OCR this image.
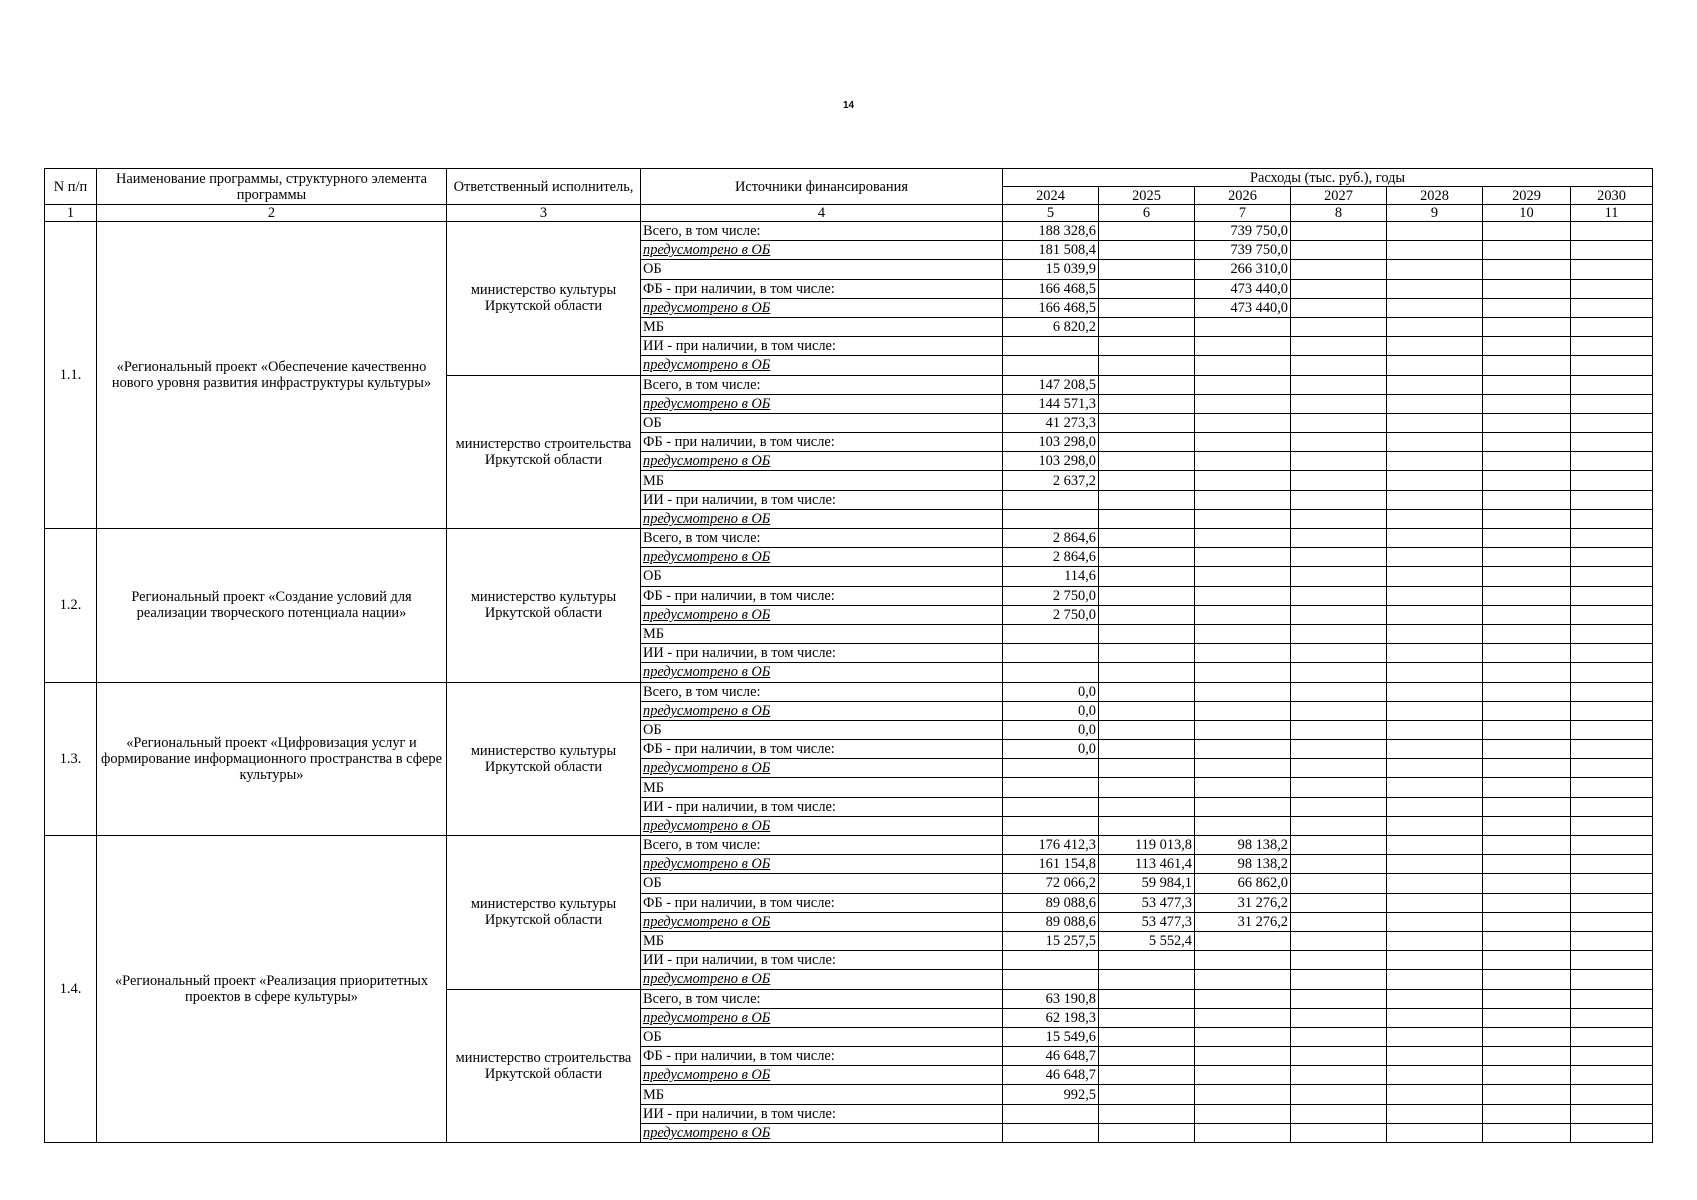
14
N п/п	Наименование программы, структурного элемента программы	Ответственный исполнитель,	Источники финансирования	Расходы (тыс. руб.), годы						
				2024	2025	2026	2027	2028	2029	2030
1	2	3	4	5	6	7	8	9	10	11
1.1.	«Региональный проект «Обеспечение качественно нового уровня развития инфраструктуры культуры»	министерство культуры Иркутской области	Всего, в том числе:	188 328,6		739 750,0				
			предусмотрено в ОБ	181 508,4		739 750,0				
			ОБ	15 039,9		266 310,0				
			ФБ - при наличии, в том числе:	166 468,5		473 440,0				
			предусмотрено в ОБ	166 468,5		473 440,0				
			МБ	6 820,2						
			ИИ - при наличии, в том числе:							
			предусмотрено в ОБ							
		министерство строительства Иркутской области	Всего, в том числе:	147 208,5						
			предусмотрено в ОБ	144 571,3						
			ОБ	41 273,3						
			ФБ - при наличии, в том числе:	103 298,0						
			предусмотрено в ОБ	103 298,0						
			МБ	2 637,2						
			ИИ - при наличии, в том числе:							
			предусмотрено в ОБ							
1.2.	Региональный проект «Создание условий для реализации творческого потенциала нации»	министерство культуры Иркутской области	Всего, в том числе:	2 864,6						
			предусмотрено в ОБ	2 864,6						
			ОБ	114,6						
			ФБ - при наличии, в том числе:	2 750,0						
			предусмотрено в ОБ	2 750,0						
			МБ							
			ИИ - при наличии, в том числе:							
			предусмотрено в ОБ							
1.3.	«Региональный проект «Цифровизация услуг и формирование информационного пространства в сфере культуры»	министерство культуры Иркутской области	Всего, в том числе:	0,0						
			предусмотрено в ОБ	0,0						
			ОБ	0,0						
			ФБ - при наличии, в том числе:	0,0						
			предусмотрено в ОБ							
			МБ							
			ИИ - при наличии, в том числе:							
			предусмотрено в ОБ							
1.4.	«Региональный проект «Реализация приоритетных проектов в сфере культуры»	министерство культуры Иркутской области	Всего, в том числе:	176 412,3	119 013,8	98 138,2				
			предусмотрено в ОБ	161 154,8	113 461,4	98 138,2				
			ОБ	72 066,2	59 984,1	66 862,0				
			ФБ - при наличии, в том числе:	89 088,6	53 477,3	31 276,2				
			предусмотрено в ОБ	89 088,6	53 477,3	31 276,2				
			МБ	15 257,5	5 552,4					
			ИИ - при наличии, в том числе:							
			предусмотрено в ОБ							
		министерство строительства Иркутской области	Всего, в том числе:	63 190,8						
			предусмотрено в ОБ	62 198,3						
			ОБ	15 549,6						
			ФБ - при наличии, в том числе:	46 648,7						
			предусмотрено в ОБ	46 648,7						
			МБ	992,5						
			ИИ - при наличии, в том числе:							
			предусмотрено в ОБ							
